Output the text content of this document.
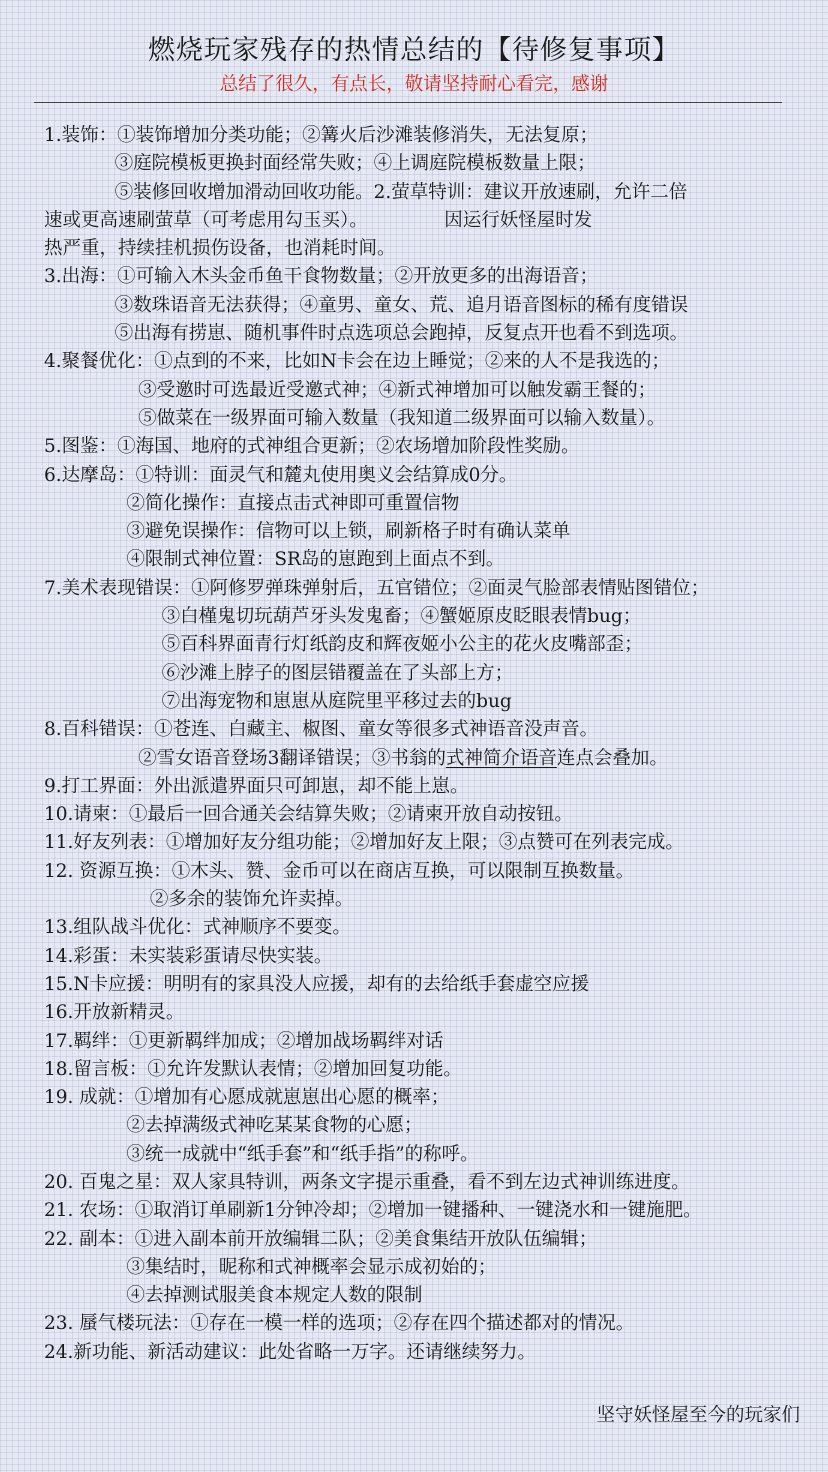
燃烧玩家残存的热情总结的【待修复事项】
总结了很久，有点长，敬请坚持耐心看完，感谢
1.装饰：①装饰增加分类功能；②篝火后沙滩装修消失，无法复原；
③庭院模板更换封面经常失败；④上调庭院模板数量上限；
⑤装修回收增加滑动回收功能。2.萤草特训：建议开放速刷，允许二倍
速或更高速刷萤草（可考虑用勾玉买）。             因运行妖怪屋时发
热严重，持续挂机损伤设备，也消耗时间。
3.出海：①可输入木头金币鱼干食物数量；②开放更多的出海语音；
③数珠语音无法获得；④童男、童女、荒、追月语音图标的稀有度错误
⑤出海有捞崽、随机事件时点选项总会跑掉，反复点开也看不到选项。
4.聚餐优化：①点到的不来，比如N卡会在边上睡觉；②来的人不是我选的；
③受邀时可选最近受邀式神；④新式神增加可以触发霸王餐的；
⑤做菜在一级界面可输入数量（我知道二级界面可以输入数量）。
5.图鉴：①海国、地府的式神组合更新；②农场增加阶段性奖励。
6.达摩岛：①特训：面灵气和麓丸使用奥义会结算成0分。
②简化操作：直接点击式神即可重置信物
③避免误操作：信物可以上锁，刷新格子时有确认菜单
④限制式神位置：SR岛的崽跑到上面点不到。
7.美术表现错误：①阿修罗弹珠弹射后，五官错位；②面灵气脸部表情贴图错位；
③白槿鬼切玩葫芦牙头发鬼畜；④蟹姬原皮眨眼表情bug；
⑤百科界面青行灯纸韵皮和辉夜姬小公主的花火皮嘴部歪；
⑥沙滩上脖子的图层错覆盖在了头部上方；
⑦出海宠物和崽崽从庭院里平移过去的bug
8.百科错误：①苍连、白藏主、椒图、童女等很多式神语音没声音。
②雪女语音登场3翻译错误；③书翁的式神简介语音连点会叠加。
9.打工界面：外出派遣界面只可卸崽，却不能上崽。
10.请柬：①最后一回合通关会结算失败；②请柬开放自动按钮。
11.好友列表：①增加好友分组功能；②增加好友上限；③点赞可在列表完成。
12. 资源互换：①木头、赞、金币可以在商店互换，可以限制互换数量。
②多余的装饰允许卖掉。
13.组队战斗优化：式神顺序不要变。
14.彩蛋：未实装彩蛋请尽快实装。
15.N卡应援：明明有的家具没人应援，却有的去给纸手套虚空应援
16.开放新精灵。
17.羁绊：①更新羁绊加成；②增加战场羁绊对话
18.留言板：①允许发默认表情；②增加回复功能。
19. 成就：①增加有心愿成就崽崽出心愿的概率；
②去掉满级式神吃某某食物的心愿；
③统一成就中“纸手套”和“纸手指”的称呼。
20. 百鬼之星：双人家具特训，两条文字提示重叠，看不到左边式神训练进度。
21. 农场：①取消订单刷新1分钟冷却；②增加一键播种、一键浇水和一键施肥。
22. 副本：①进入副本前开放编辑二队；②美食集结开放队伍编辑；
③集结时，昵称和式神概率会显示成初始的；
④去掉测试服美食本规定人数的限制
23. 蜃气楼玩法：①存在一模一样的选项；②存在四个描述都对的情况。
24.新功能、新活动建议：此处省略一万字。还请继续努力。
坚守妖怪屋至今的玩家们
